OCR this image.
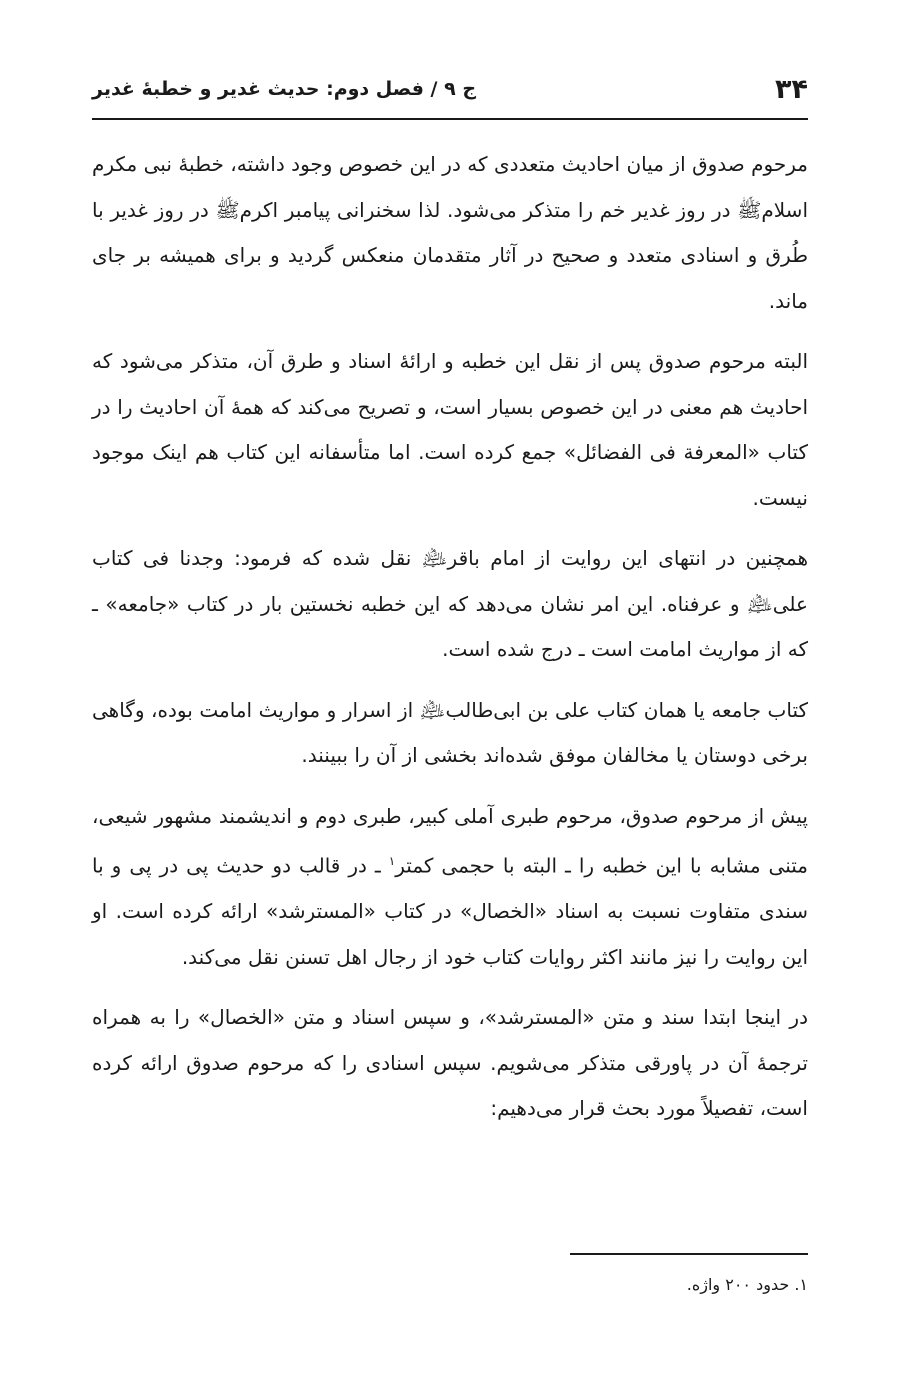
۳۴
ج ۹ / فصل دوم: حدیث غدیر و خطبهٔ غدیر

مرحوم صدوق از میان احادیث متعددی که در این خصوص وجود داشته، خطبهٔ نبی مکرم اسلامﷺ در روز غدیر خم را متذکر می‌شود. لذا سخنرانی پیامبر اکرمﷺ در روز غدیر با طُرق و اسنادی متعدد و صحیح در آثار متقدمان منعکس گردید و برای همیشه بر جای ماند.

البته مرحوم صدوق پس از نقل این خطبه و ارائهٔ اسناد و طرق آن، متذکر می‌شود که احادیث هم معنی در این خصوص بسیار است، و تصریح می‌کند که همهٔ آن احادیث را در کتاب «المعرفة فی الفضائل» جمع کرده است. اما متأسفانه این کتاب هم اینک موجود نیست.

همچنین در انتهای این روایت از امام باقر﵇ نقل شده که فرمود: وجدنا فی کتاب علی﵇ و عرفناه. این امر نشان می‌دهد که این خطبه نخستین بار در کتاب «جامعه» ـ که از مواریث امامت است ـ درج شده است.

کتاب جامعه یا همان کتاب علی بن ابی‌طالب﵇ از اسرار و مواریث امامت بوده، وگاهی برخی دوستان یا مخالفان موفق شده‌اند بخشی از آن را ببینند.

پیش از مرحوم صدوق، مرحوم طبری آملی کبیر، طبری دوم و اندیشمند مشهور شیعی، متنی مشابه با این خطبه را ـ البته با حجمی کمتر$^۱$ ـ در قالب دو حدیث پی در پی و با سندی متفاوت نسبت به اسناد «الخصال» در کتاب «المسترشد» ارائه کرده است. او این روایت را نیز مانند اکثر روایات کتاب خود از رجال اهل تسنن نقل می‌کند.

در اینجا ابتدا سند و متن «المسترشد»، و سپس اسناد و متن «الخصال» را به همراه ترجمهٔ آن در پاورقی متذکر می‌شویم. سپس اسنادی را که مرحوم صدوق ارائه کرده است، تفصیلاً مورد بحث قرار می‌دهیم:

۱. حدود ۲۰۰ واژه.
